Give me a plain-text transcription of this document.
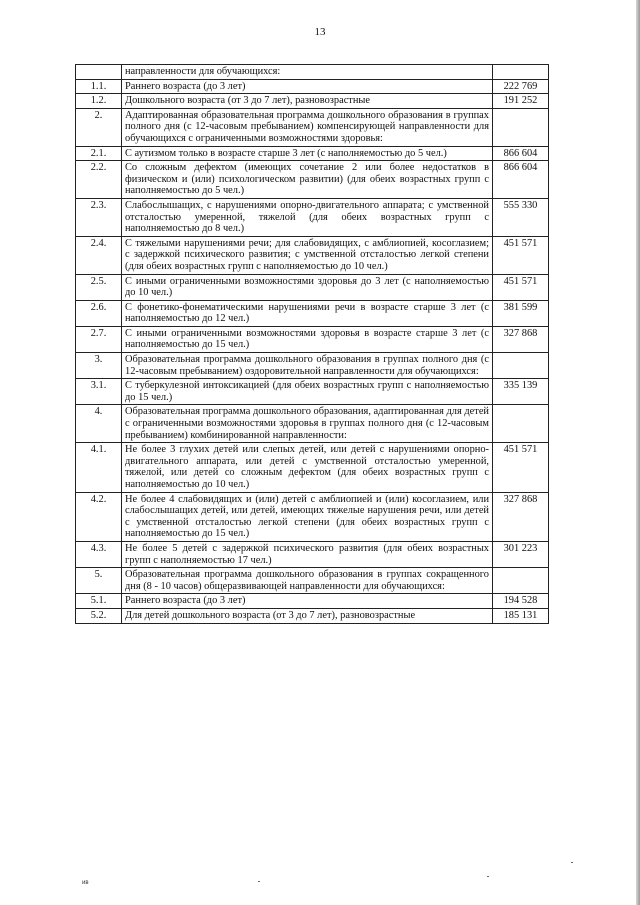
13
	направленности для обучающихся:	
1.1.	Раннего возраста (до 3 лет)	222 769
1.2.	Дошкольного возраста (от 3 до 7 лет), разновозрастные	191 252
2.	Адаптированная образовательная программа дошкольного образования в группах полного дня (с 12-часовым пребыванием) компенсирующей направленности для обучающихся с ограниченными возможностями здоровья:	
2.1.	С аутизмом только в возрасте старше 3 лет (с наполняемостью до 5 чел.)	866 604
2.2.	Со сложным дефектом (имеющих сочетание 2 или более недостатков в физическом и (или) психологическом развитии) (для обеих возрастных групп с наполняемостью до 5 чел.)	866 604
2.3.	Слабослышащих, с нарушениями опорно-двигательного аппарата; с умственной отсталостью умеренной, тяжелой (для обеих возрастных групп с наполняемостью до 8 чел.)	555 330
2.4.	С тяжелыми нарушениями речи; для слабовидящих, с амблиопией, косоглазием; с задержкой психического развития; с умственной отсталостью легкой степени (для обеих возрастных групп с наполняемостью до 10 чел.)	451 571
2.5.	С иными ограниченными возможностями здоровья до 3 лет (с наполняемостью до 10 чел.)	451 571
2.6.	С фонетико-фонематическими нарушениями речи в возрасте старше 3 лет (с наполняемостью до 12 чел.)	381 599
2.7.	С иными ограниченными возможностями здоровья в возрасте старше 3 лет (с наполняемостью до 15 чел.)	327 868
3.	Образовательная программа дошкольного образования в группах полного дня (с 12-часовым пребыванием) оздоровительной направленности для обучающихся:	
3.1.	С туберкулезной интоксикацией (для обеих возрастных групп с наполняемостью до 15 чел.)	335 139
4.	Образовательная программа дошкольного образования, адаптированная для детей с ограниченными возможностями здоровья в группах полного дня (с 12-часовым пребыванием) комбинированной направленности:	
4.1.	Не более 3 глухих детей или слепых детей, или детей с нарушениями опорно-двигательного аппарата, или детей с умственной отсталостью умеренной, тяжелой, или детей со сложным дефектом (для обеих возрастных групп с наполняемостью до 10 чел.)	451 571
4.2.	Не более 4 слабовидящих и (или) детей с амблиопией и (или) косоглазием, или слабослышащих детей, или детей, имеющих тяжелые нарушения речи, или детей с умственной отсталостью легкой степени (для обеих возрастных групп с наполняемостью до 15 чел.)	327 868
4.3.	Не более 5 детей с задержкой психического развития (для обеих возрастных групп с наполняемостью 17 чел.)	301 223
5.	Образовательная программа дошкольного образования в группах сокращенного дня (8 - 10 часов) общеразвивающей направленности для обучающихся:	
5.1.	Раннего возраста (до 3 лет)	194 528
5.2.	Для детей дошкольного возраста (от 3 до 7 лет), разновозрастные	185 131
ив
